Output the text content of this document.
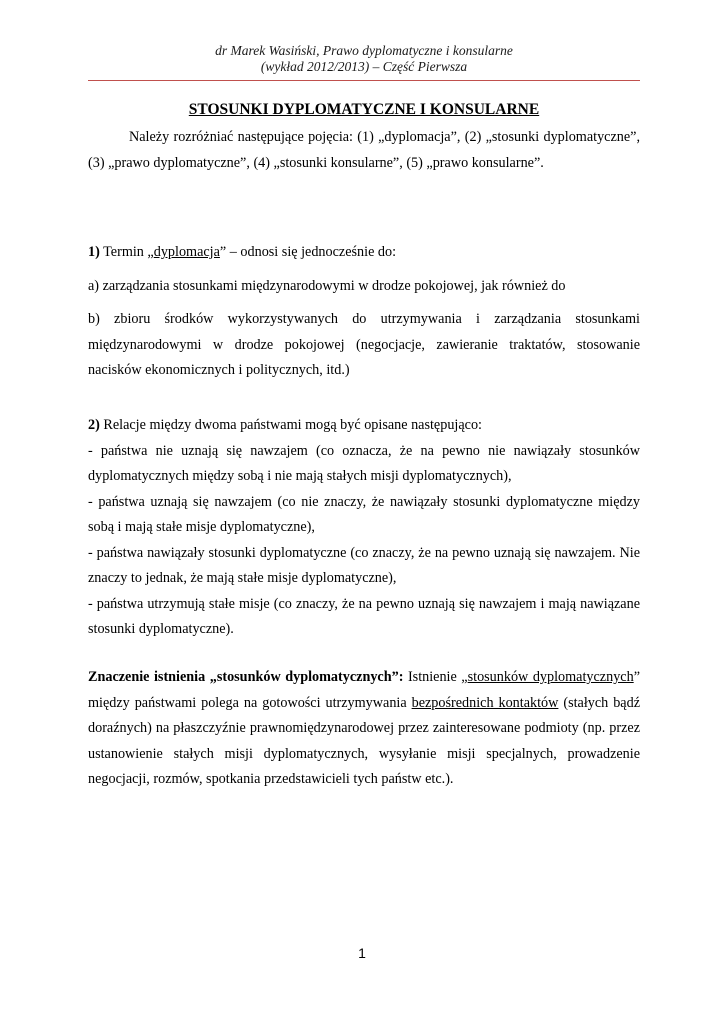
dr Marek Wasiński, Prawo dyplomatyczne i konsularne
(wykład 2012/2013) – Część Pierwsza
STOSUNKI DYPLOMATYCZNE I KONSULARNE

Należy rozróżniać następujące pojęcia: (1) „dyplomacja”, (2) „stosunki dyplomatyczne”, (3) „prawo dyplomatyczne”, (4) „stosunki konsularne”, (5) „prawo konsularne”.

1) Termin „dyplomacja” – odnosi się jednocześnie do:

a) zarządzania stosunkami międzynarodowymi w drodze pokojowej, jak również do

b) zbioru środków wykorzystywanych do utrzymywania i zarządzania stosunkami międzynarodowymi w drodze pokojowej (negocjacje, zawieranie traktatów, stosowanie nacisków ekonomicznych i politycznych, itd.)

2) Relacje między dwoma państwami mogą być opisane następująco:

- państwa nie uznają się nawzajem (co oznacza, że na pewno nie nawiązały stosunków dyplomatycznych między sobą i nie mają stałych misji dyplomatycznych),

- państwa uznają się nawzajem (co nie znaczy, że nawiązały stosunki dyplomatyczne między sobą i mają stałe misje dyplomatyczne),

- państwa nawiązały stosunki dyplomatyczne (co znaczy, że na pewno uznają się nawzajem. Nie znaczy to jednak, że mają stałe misje dyplomatyczne),

- państwa utrzymują stałe misje (co znaczy, że na pewno uznają się nawzajem i mają nawiązane stosunki dyplomatyczne).

Znaczenie istnienia „stosunków dyplomatycznych”: Istnienie „stosunków dyplomatycznych” między państwami polega na gotowości utrzymywania bezpośrednich kontaktów (stałych bądź doraźnych) na płaszczyźnie prawnomiędzynarodowej przez zainteresowane podmioty (np. przez ustanowienie stałych misji dyplomatycznych, wysyłanie misji specjalnych, prowadzenie negocjacji, rozmów, spotkania przedstawicieli tych państw etc.).

1
